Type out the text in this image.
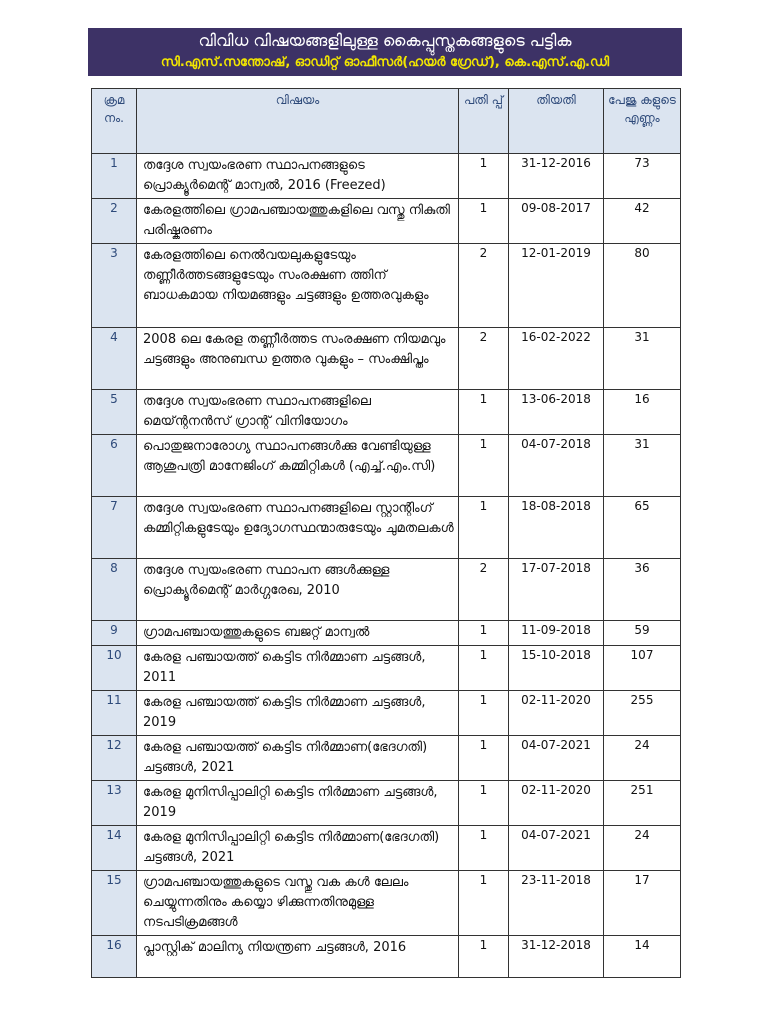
വിവിധ വിഷയങ്ങളിലുള്ള കൈപ്പുസ്തകങ്ങളുടെ പട്ടിക
സി.എസ്.സന്തോഷ്, ഓഡിറ്റ് ഓഫീസർ(ഹയർ ഗ്രേഡ്), കെ.എസ്.എ.ഡി
ക്രമ നം.	വിഷയം	പതി പ്പ്	തിയതി	പേജു കളുടെ എണ്ണം
1	തദ്ദേശ സ്വയംഭരണ സ്ഥാപനങ്ങളുടെ പ്രൊക്യൂർമെന്റ് മാന്വൽ, 2016 (Freezed)	1	31-12-2016	73
2	കേരളത്തിലെ ഗ്രാമപഞ്ചായത്തുകളിലെ വസ്തു നികുതി പരിഷ്കരണം	1	09-08-2017	42
3	കേരളത്തിലെ നെൽവയലുകളുടേയും തണ്ണീർത്തടങ്ങളുടേയും സംരക്ഷണ ത്തിന് ബാധകമായ നിയമങ്ങളും ചട്ടങ്ങളും ഉത്തരവുകളും	2	12-01-2019	80
4	2008 ലെ കേരള തണ്ണീർത്തട സംരക്ഷണ നിയമവും ചട്ടങ്ങളും അനുബന്ധ ഉത്തര വുകളും – സംക്ഷിപ്തം	2	16-02-2022	31
5	തദ്ദേശ സ്വയംഭരണ സ്ഥാപനങ്ങളിലെ മെയ്ന്റനൻസ് ഗ്രാന്റ് വിനിയോഗം	1	13-06-2018	16
6	പൊതുജനാരോഗ്യ സ്ഥാപനങ്ങൾക്കു വേണ്ടിയുള്ള ആശുപത്രി മാനേജിംഗ് കമ്മിറ്റികൾ (എച്ച്.എം.സി)	1	04-07-2018	31
7	തദ്ദേശ സ്വയംഭരണ സ്ഥാപനങ്ങളിലെ സ്റ്റാന്റിംഗ് കമ്മിറ്റികളുടേയും ഉദ്യോഗസ്ഥന്മാരുടേയും ചുമതലകൾ	1	18-08-2018	65
8	തദ്ദേശ സ്വയംഭരണ സ്ഥാപന ങ്ങൾക്കുള്ള പ്രൊക്യൂർമെന്റ് മാർഗ്ഗരേഖ, 2010	2	17-07-2018	36
9	ഗ്രാമപഞ്ചായത്തുകളുടെ ബജറ്റ് മാന്വൽ	1	11-09-2018	59
10	കേരള പഞ്ചായത്ത് കെട്ടിട നിർമ്മാണ ചട്ടങ്ങൾ, 2011	1	15-10-2018	107
11	കേരള പഞ്ചായത്ത് കെട്ടിട നിർമ്മാണ ചട്ടങ്ങൾ, 2019	1	02-11-2020	255
12	കേരള പഞ്ചായത്ത് കെട്ടിട നിർമ്മാണ(ഭേദഗതി) ചട്ടങ്ങൾ, 2021	1	04-07-2021	24
13	കേരള മുനിസിപ്പാലിറ്റി കെട്ടിട നിർമ്മാണ ചട്ടങ്ങൾ, 2019	1	02-11-2020	251
14	കേരള മുനിസിപ്പാലിറ്റി കെട്ടിട നിർമ്മാണ(ഭേദഗതി) ചട്ടങ്ങൾ, 2021	1	04-07-2021	24
15	ഗ്രാമപഞ്ചായത്തുകളുടെ വസ്തു വക കൾ ലേലം ചെയ്യുന്നതിനും കയ്യൊ ഴിക്കുന്നതിനുമുള്ള നടപടിക്രമങ്ങൾ	1	23-11-2018	17
16	പ്ലാസ്റ്റിക് മാലിന്യ നിയന്ത്രണ ചട്ടങ്ങൾ, 2016	1	31-12-2018	14
